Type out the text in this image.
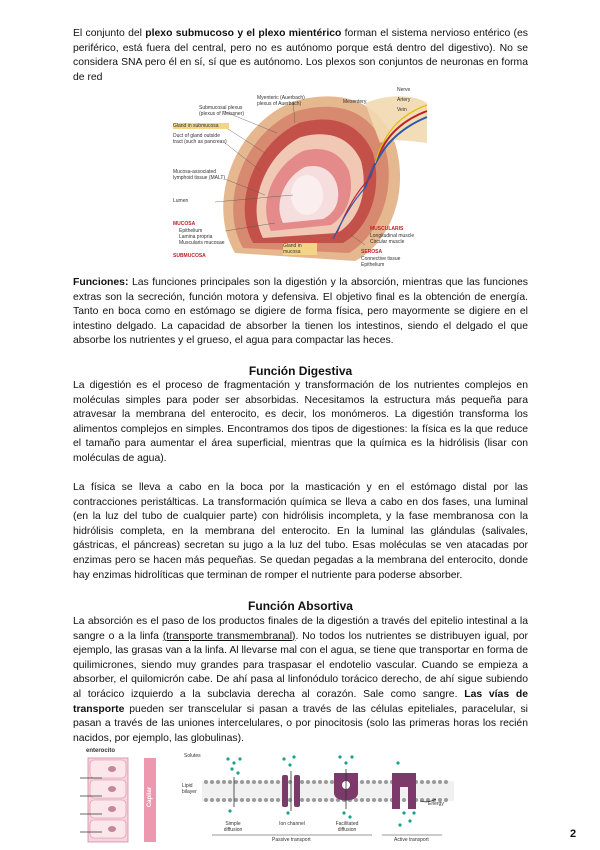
El conjunto del plexo submucoso y el plexo mientérico forman el sistema nervioso entérico (es periférico, está fuera del central, pero no es autónomo porque está dentro del digestivo). No se considera SNA pero él en sí, sí que es autónomo. Los plexos son conjuntos de neuronas en forma de red

Submucosal plexus (plexus of Meissner)
Myenteric (Auerbach) plexus of Auerbach)	Mesentery
Nerve
Artery
Vein
Gland in submucosa
Duct of gland outside tract (such as pancreas)
Mucosa-associated lymphoid tissue (MALT)
Lumen
MUCOSA
Epithelium
Lamina propria
Muscularis mucosae
SUBMUCOSA
Gland in mucosa
MUSCULARIS
Longitudinal muscle
Circular muscle
SEROSA
Connective tissue
Epithelium

Funciones: Las funciones principales son la digestión y la absorción, mientras que las funciones extras son la secreción, función motora y defensiva. El objetivo final es la obtención de energía. Tanto en boca como en estómago se digiere de forma física, pero mayormente se digiere en el intestino delgado. La capacidad de absorber la tienen los intestinos, siendo el delgado el que absorbe los nutrientes y el grueso, el agua para compactar las heces.

Función Digestiva

La digestión es el proceso de fragmentación y transformación de los nutrientes complejos en moléculas simples para poder ser absorbidas. Necesitamos la estructura más pequeña para atravesar la membrana del enterocito, es decir, los monómeros. La digestión transforma los alimentos complejos en simples. Encontramos dos tipos de digestiones: la física es la que reduce el tamaño para aumentar el área superficial, mientras que la química es la hidrólisis (lisar con moléculas de agua).

La física se lleva a cabo en la boca por la masticación y en el estómago distal por las contracciones peristálticas. La transformación química se lleva a cabo en dos fases, una luminal (en la luz del tubo de cualquier parte) con hidrólisis incompleta, y la fase membranosa con la hidrólisis completa, en la membrana del enterocito. En la luminal las glándulas (salivales, gástricas, el páncreas) secretan su jugo a la luz del tubo. Esas moléculas se ven atacadas por enzimas pero se hacen más pequeñas. Se quedan pegadas a la membrana del enterocito, donde hay enzimas hidrolíticas que terminan de romper el nutriente para poderse absorber.

Función Absortiva

La absorción es el paso de los productos finales de la digestión a través del epitelio intestinal a la sangre o a la linfa (transporte transmembranal). No todos los nutrientes se distribuyen igual, por ejemplo, las grasas van a la linfa. Al llevarse mal con el agua, se tiene que transportar en forma de quilimicrones, siendo muy grandes para traspasar el endotelio vascular. Cuando se empieza a absorber, el quilomicrón cabe. De ahí pasa al linfonódulo torácico derecho, de ahí sigue subiendo al torácico izquierdo a la subclavia derecha al corazón. Sale como sangre. Las vías de transporte pueden ser transcelular si pasan a través de las células epiteliales, paracelular, si pasan a través de las uniones intercelulares, o por pinocitosis (solo las primeras horas los recién nacidos, por ejemplo, las globulinas).

enterocito
Capilar
Solutes
Lipid bilayer
Energy
Simple diffusion
Ion channel	Facilitated diffusion
Passive transport	Active transport	2
